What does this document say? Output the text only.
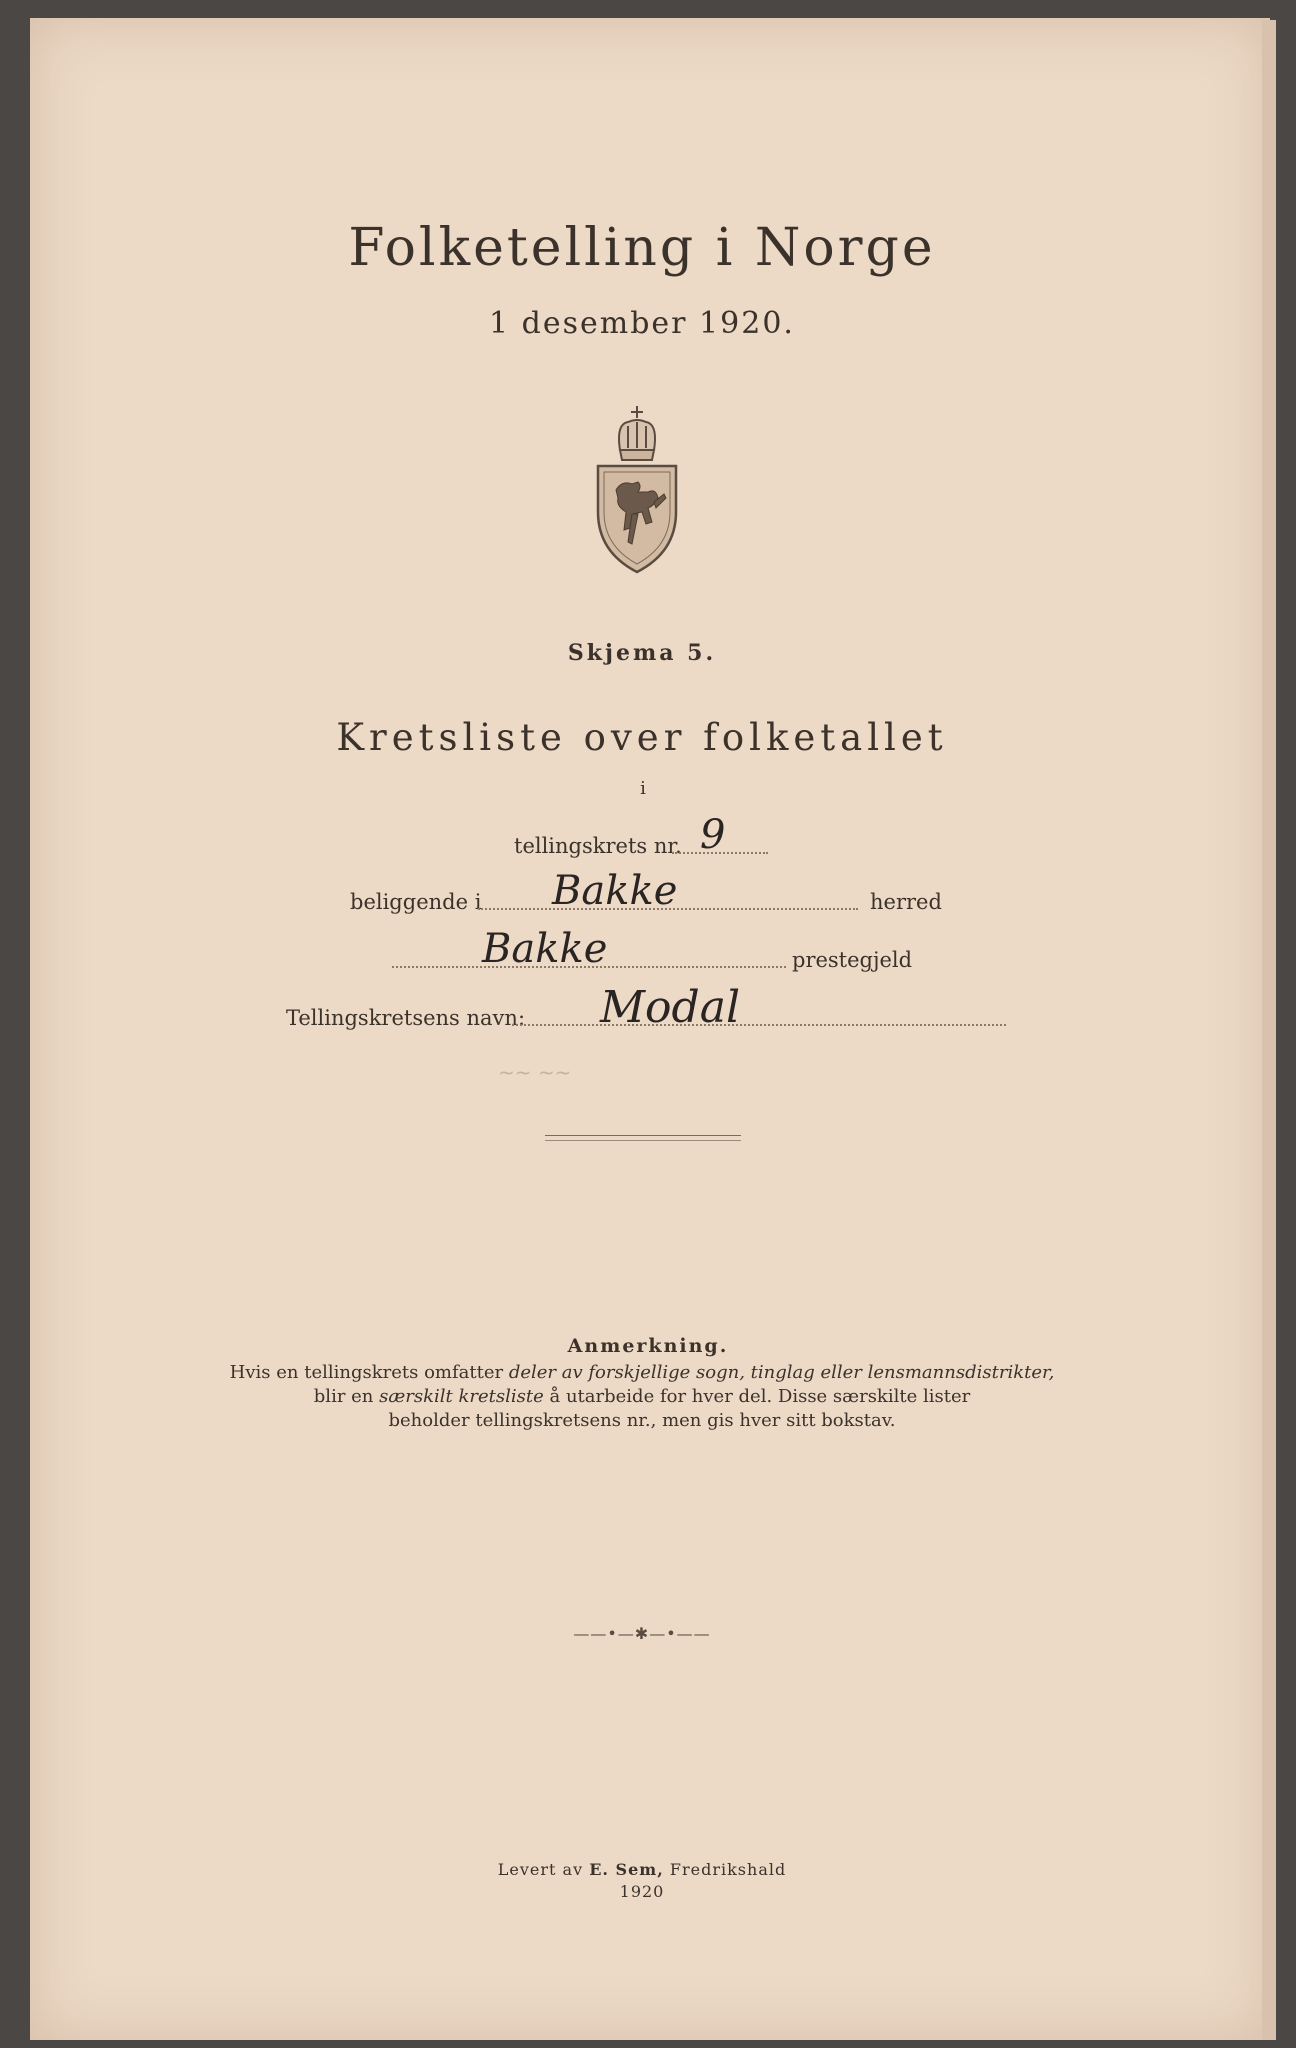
Folketelling i Norge
1 desember 1920.
Skjema 5.
Kretsliste over folketallet
i
tellingskrets nr. 9
beliggende i Bakke	herred
Bakke	prestegjeld
Tellingskretsens navn: Modal
~~ ~~
Anmerkning.
Hvis en tellingskrets omfatter deler av forskjellige sogn, tinglag eller lensmannsdistrikter,
blir en særskilt kretsliste å utarbeide for hver del. Disse særskilte lister
beholder tellingskretsens nr., men gis hver sitt bokstav.
——•—✱—•——
Levert av E. Sem, Fredrikshald
1920
